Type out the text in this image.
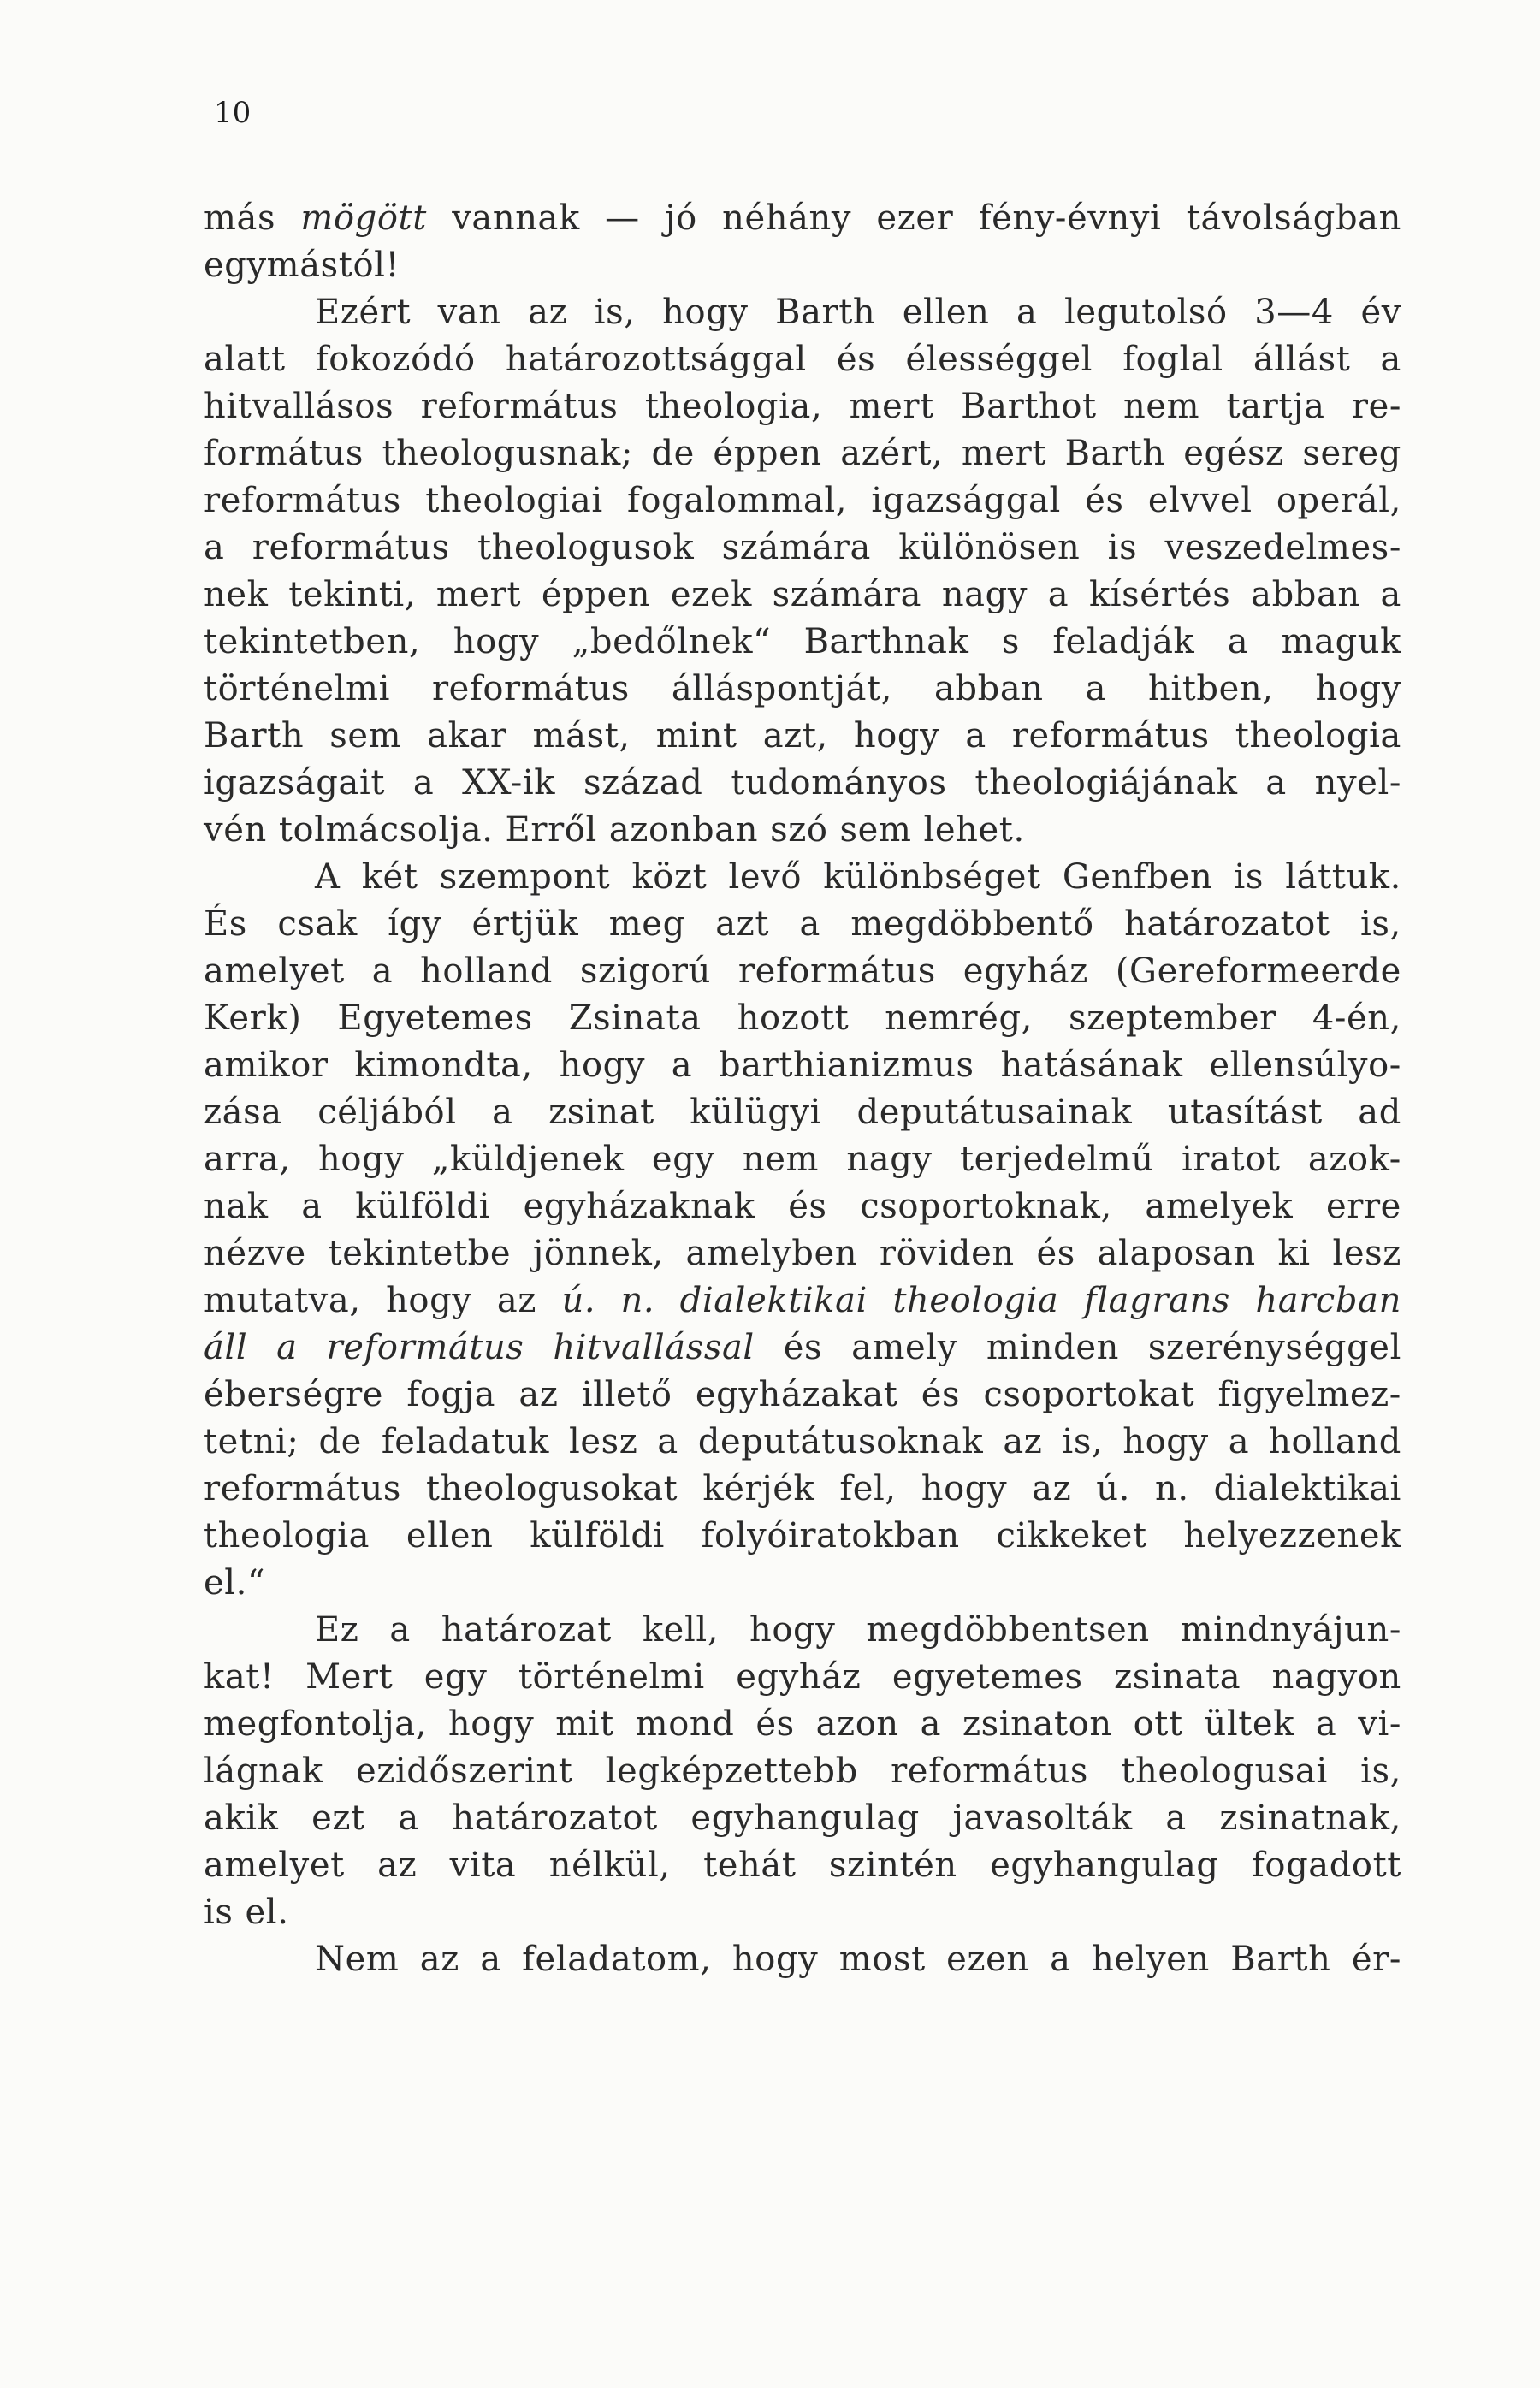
10
más mögött vannak — jó néhány ezer fény-évnyi távolságban
egymástól!
Ezért van az is, hogy Barth ellen a legutolsó 3—4 év
alatt fokozódó határozottsággal és élességgel foglal állást a
hitvallásos református theologia, mert Barthot nem tartja re-
formátus theologusnak; de éppen azért, mert Barth egész sereg
református theologiai fogalommal, igazsággal és elvvel operál,
a református theologusok számára különösen is veszedelmes-
nek tekinti, mert éppen ezek számára nagy a kísértés abban a
tekintetben, hogy „bedőlnek“ Barthnak s feladják a maguk
történelmi református álláspontját, abban a hitben, hogy
Barth sem akar mást, mint azt, hogy a református theologia
igazságait a XX-ik század tudományos theologiájának a nyel-
vén tolmácsolja. Erről azonban szó sem lehet.
A két szempont közt levő különbséget Genfben is láttuk.
És csak így értjük meg azt a megdöbbentő határozatot is,
amelyet a holland szigorú református egyház (Gereformeerde
Kerk) Egyetemes Zsinata hozott nemrég, szeptember 4-én,
amikor kimondta, hogy a barthianizmus hatásának ellensúlyo-
zása céljából a zsinat külügyi deputátusainak utasítást ad
arra, hogy „küldjenek egy nem nagy terjedelmű iratot azok-
nak a külföldi egyházaknak és csoportoknak, amelyek erre
nézve tekintetbe jönnek, amelyben röviden és alaposan ki lesz
mutatva, hogy az ú. n. dialektikai theologia flagrans harcban
áll a református hitvallással és amely minden szerénységgel
éberségre fogja az illető egyházakat és csoportokat figyelmez-
tetni; de feladatuk lesz a deputátusoknak az is, hogy a holland
református theologusokat kérjék fel, hogy az ú. n. dialektikai
theologia ellen külföldi folyóiratokban cikkeket helyezzenek
el.“
Ez a határozat kell, hogy megdöbbentsen mindnyájun-
kat! Mert egy történelmi egyház egyetemes zsinata nagyon
megfontolja, hogy mit mond és azon a zsinaton ott ültek a vi-
lágnak ezidőszerint legképzettebb református theologusai is,
akik ezt a határozatot egyhangulag javasolták a zsinatnak,
amelyet az vita nélkül, tehát szintén egyhangulag fogadott
is el.
Nem az a feladatom, hogy most ezen a helyen Barth ér-
